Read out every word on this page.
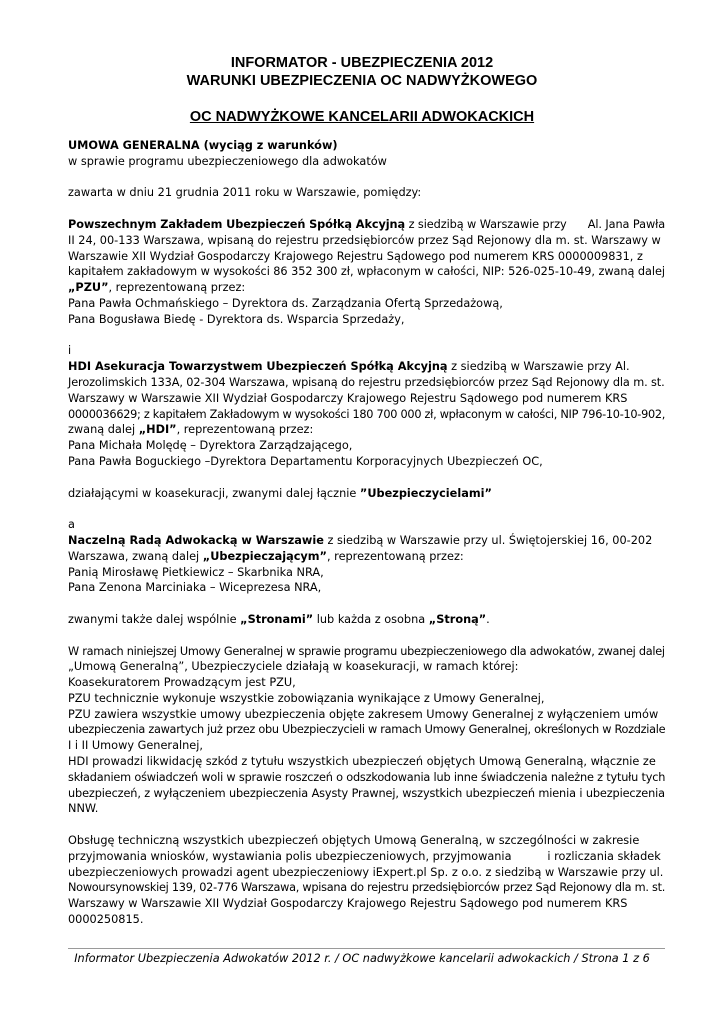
INFORMATOR - UBEZPIECZENIA 2012
WARUNKI UBEZPIECZENIA OC NADWYŻKOWEGO
OC NADWYŻKOWE KANCELARII ADWOKACKICH

UMOWA GENERALNA (wyciąg z warunków)

w sprawie programu ubezpieczeniowego dla adwokatów

zawarta w dniu 21 grudnia 2011 roku w Warszawie, pomiędzy:

Powszechnym Zakładem Ubezpieczeń Spółką Akcyjną z siedzibą w Warszawie przy      Al. Jana Pawła

II 24, 00-133 Warszawa, wpisaną do rejestru przedsiębiorców przez Sąd Rejonowy dla m. st. Warszawy w

Warszawie XII Wydział Gospodarczy Krajowego Rejestru Sądowego pod numerem KRS 0000009831, z

kapitałem zakładowym w wysokości 86 352 300 zł, wpłaconym w całości, NIP: 526-025-10-49, zwaną dalej

„PZU”, reprezentowaną przez:

Pana Pawła Ochmańskiego – Dyrektora ds. Zarządzania Ofertą Sprzedażową,

Pana Bogusława Biedę - Dyrektora ds. Wsparcia Sprzedaży,

i

HDI Asekuracja Towarzystwem Ubezpieczeń Spółką Akcyjną z siedzibą w Warszawie przy Al.

Jerozolimskich 133A, 02-304 Warszawa, wpisaną do rejestru przedsiębiorców przez Sąd Rejonowy dla m. st.

Warszawy w Warszawie XII Wydział Gospodarczy Krajowego Rejestru Sądowego pod numerem KRS

0000036629; z kapitałem Zakładowym w wysokości 180 700 000 zł, wpłaconym w całości, NIP 796-10-10-902,

zwaną dalej „HDI”, reprezentowaną przez:

Pana Michała Molędę – Dyrektora Zarządzającego,

Pana Pawła Boguckiego –Dyrektora Departamentu Korporacyjnych Ubezpieczeń OC,

działającymi w koasekuracji, zwanymi dalej łącznie ”Ubezpieczycielami”

a

Naczelną Radą Adwokacką w Warszawie z siedzibą w Warszawie przy ul. Świętojerskiej 16, 00-202

Warszawa, zwaną dalej „Ubezpieczającym”, reprezentowaną przez:

Panią Mirosławę Pietkiewicz – Skarbnika NRA,

Pana Zenona Marciniaka – Wiceprezesa NRA,

zwanymi także dalej wspólnie „Stronami” lub każda z osobna „Stroną”.

W ramach niniejszej Umowy Generalnej w sprawie programu ubezpieczeniowego dla adwokatów, zwanej dalej

„Umową Generalną”, Ubezpieczyciele działają w koasekuracji, w ramach której:

Koasekuratorem Prowadzącym jest PZU,

PZU technicznie wykonuje wszystkie zobowiązania wynikające z Umowy Generalnej,

PZU zawiera wszystkie umowy ubezpieczenia objęte zakresem Umowy Generalnej z wyłączeniem umów

ubezpieczenia zawartych już przez obu Ubezpieczycieli w ramach Umowy Generalnej, określonych w Rozdziale

I i II Umowy Generalnej,

HDI prowadzi likwidację szkód z tytułu wszystkich ubezpieczeń objętych Umową Generalną, włącznie ze

składaniem oświadczeń woli w sprawie roszczeń o odszkodowania lub inne świadczenia należne z tytułu tych

ubezpieczeń, z wyłączeniem ubezpieczenia Asysty Prawnej, wszystkich ubezpieczeń mienia i ubezpieczenia

NNW.

Obsługę techniczną wszystkich ubezpieczeń objętych Umową Generalną, w szczególności w zakresie

przyjmowania wniosków, wystawiania polis ubezpieczeniowych, przyjmowania          i rozliczania składek

ubezpieczeniowych prowadzi agent ubezpieczeniowy iExpert.pl Sp. z o.o. z siedzibą w Warszawie przy ul.

Nowoursynowskiej 139, 02-776 Warszawa, wpisana do rejestru przedsiębiorców przez Sąd Rejonowy dla m. st.

Warszawy w Warszawie XII Wydział Gospodarczy Krajowego Rejestru Sądowego pod numerem KRS

0000250815.

Informator Ubezpieczenia Adwokatów 2012 r. / OC nadwyżkowe kancelarii adwokackich / Strona 1 z 6
